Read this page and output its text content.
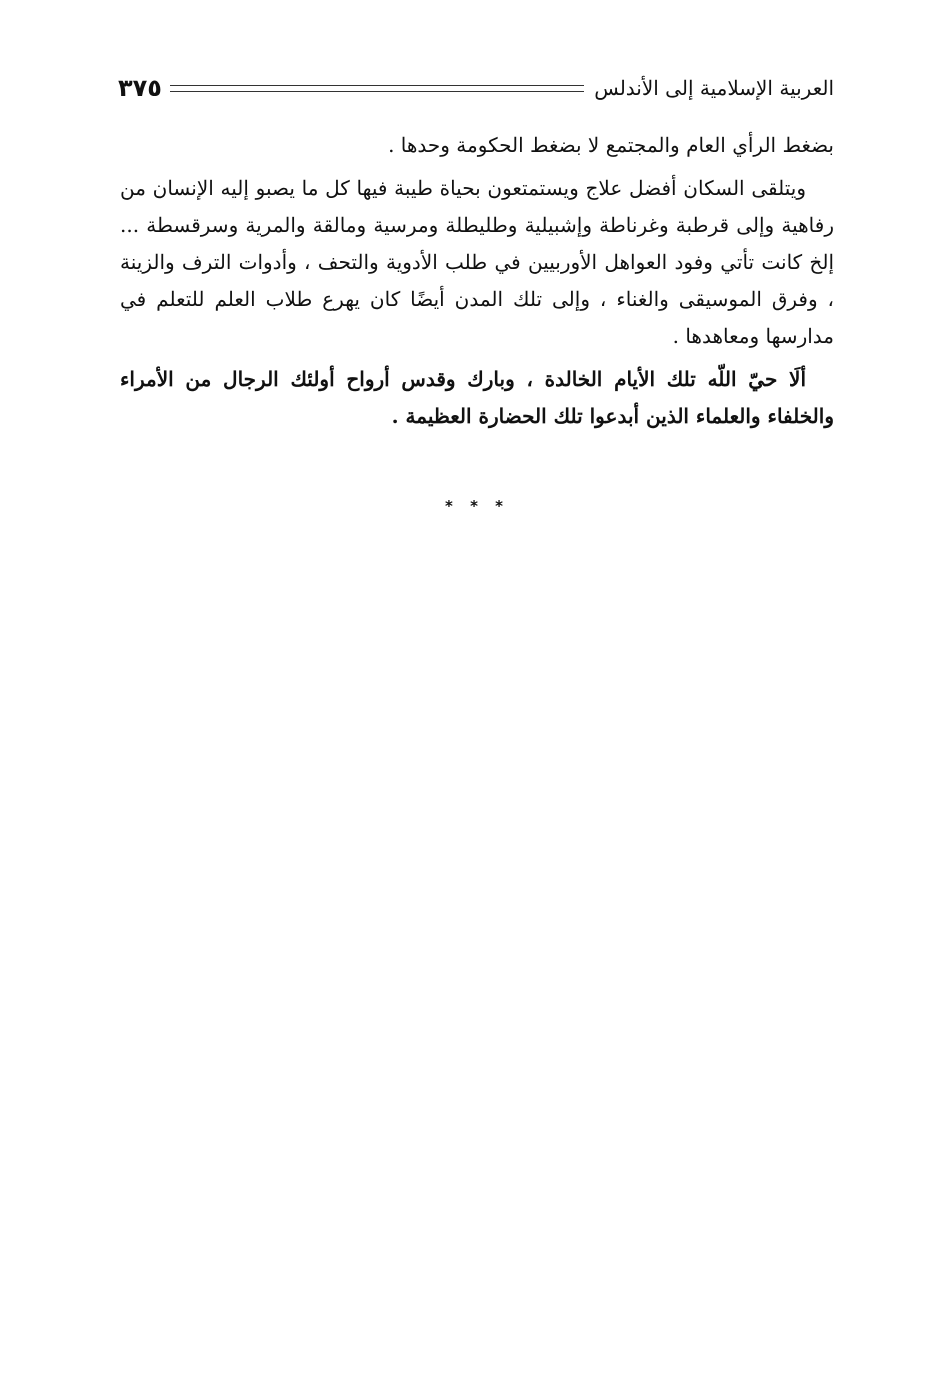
٣٧٥	العربية الإسلامية إلى الأندلس

بضغط الرأي العام والمجتمع لا بضغط الحكومة وحدها .

ويتلقى السكان أفضل علاج ويستمتعون بحياة طيبة فيها كل ما يصبو إليه الإنسان من رفاهية وإلى قرطبة وغرناطة وإشبيلية وطليطلة ومرسية ومالقة والمرية وسرقسطة ... إلخ كانت تأتي وفود العواهل الأوربيين في طلب الأدوية والتحف ، وأدوات الترف والزينة ، وفرق الموسيقى والغناء ، وإلى تلك المدن أيضًا كان يهرع طلاب العلم للتعلم في مدارسها ومعاهدها .

ألَا حيّ اللّه تلك الأيام الخالدة ، وبارك وقدس أرواح أولئك الرجال من الأمراء والخلفاء والعلماء الذين أبدعوا تلك الحضارة العظيمة .

* * *
